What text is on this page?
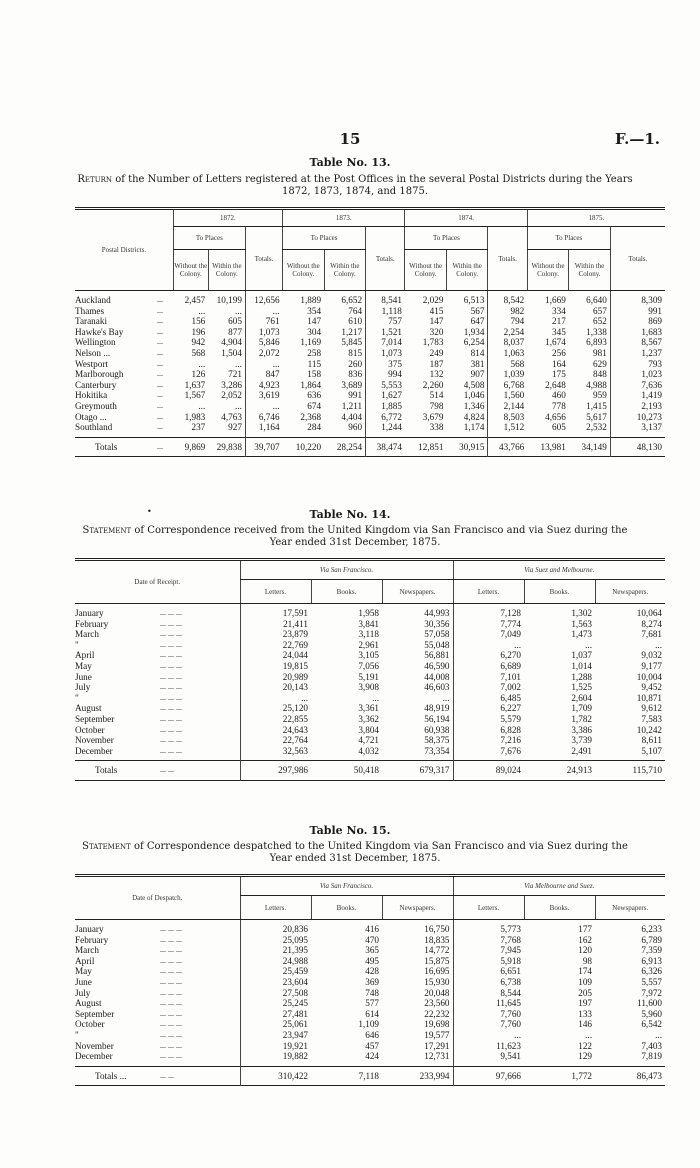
15	F.—1.
Table No. 13.
Return of the Number of Letters registered at the Post Offices in the several Postal Districts during the Years 1872, 1873, 1874, and 1875.
Postal Districts.		1872.			1873.			1874.			1875.		
		To Places		Totals.	To Places		Totals.	To Places		Totals.	To Places		Totals.
		Without the Colony.	Within the Colony.		Without the Colony.	Within the Colony.		Without the Colony.	Within the Colony.		Without the Colony.	Within the Colony.	

Auckland	...	2,457	10,199	12,656	1,889	6,652	8,541	2,029	6,513	8,542	1,669	6,640	8,309
Thames	...	...	...	...	354	764	1,118	415	567	982	334	657	991
Taranaki	...	156	605	761	147	610	757	147	647	794	217	652	869
Hawke's Bay	...	196	877	1,073	304	1,217	1,521	320	1,934	2,254	345	1,338	1,683
Wellington	...	942	4,904	5,846	1,169	5,845	7,014	1,783	6,254	8,037	1,674	6,893	8,567
Nelson ...	...	568	1,504	2,072	258	815	1,073	249	814	1,063	256	981	1,237
Westport	...	...	...	...	115	260	375	187	381	568	164	629	793
Marlborough	...	126	721	847	158	836	994	132	907	1,039	175	848	1,023
Canterbury	...	1,637	3,286	4,923	1,864	3,689	5,553	2,260	4,508	6,768	2,648	4,988	7,636
Hokitika	...	1,567	2,052	3,619	636	991	1,627	514	1,046	1,560	460	959	1,419
Greymouth	...	...	...	...	674	1,211	1,885	798	1,346	2,144	778	1,415	2,193
Otago ...	...	1,983	4,763	6,746	2,368	4,404	6,772	3,679	4,824	8,503	4,656	5,617	10,273
Southland	...	237	927	1,164	284	960	1,244	338	1,174	1,512	605	2,532	3,137

Totals	...	9,869	29,838	39,707	10,220	28,254	38,474	12,851	30,915	43,766	13,981	34,149	48,130
•	Table No. 14.
Statement of Correspondence received from the United Kingdom via San Francisco and via Suez during the Year ended 31st December, 1875.
Date of Receipt.		Via San Francisco.			Via Suez and Melbourne.		
		Letters.	Books.	Newspapers.	Letters.	Books.	Newspapers.

January	... ... ...	17,591	1,958	44,993	7,128	1,302	10,064
February	... ... ...	21,411	3,841	30,356	7,774	1,563	8,274
March	... ... ...	23,879	3,118	57,058	7,049	1,473	7,681
"	... ... ...	22,769	2,961	55,048	...	...	...
April	... ... ...	24,044	3,105	56,881	6,270	1,037	9,032
May	... ... ...	19,815	7,056	46,590	6,689	1,014	9,177
June	... ... ...	20,989	5,191	44,008	7,101	1,288	10,004
July	... ... ...	20,143	3,908	46,603	7,002	1,525	9,452
"	... ... ...	...	...	...	6,485	2,604	10,871
August	... ... ...	25,120	3,361	48,919	6,227	1,709	9,612
September	... ... ...	22,855	3,362	56,194	5,579	1,782	7,583
October	... ... ...	24,643	3,804	60,938	6,828	3,386	10,242
November	... ... ...	22,764	4,721	58,375	7,216	3,739	8,611
December	... ... ...	32,563	4,032	73,354	7,676	2,491	5,107

Totals	... ...	297,986	50,418	679,317	89,024	24,913	115,710
Table No. 15.
Statement of Correspondence despatched to the United Kingdom via San Francisco and via Suez during the Year ended 31st December, 1875.
Date of Despatch.		Via San Francisco.			Via Melbourne and Suez.		
		Letters.	Books.	Newspapers.	Letters.	Books.	Newspapers.

January	... ... ...	20,836	416	16,750	5,773	177	6,233
February	... ... ...	25,095	470	18,835	7,768	162	6,789
March	... ... ...	21,395	365	14,772	7,945	120	7,359
April	... ... ...	24,988	495	15,875	5,918	98	6,913
May	... ... ...	25,459	428	16,695	6,651	174	6,326
June	... ... ...	23,604	369	15,930	6,738	109	5,557
July	... ... ...	27,508	748	20,048	8,544	205	7,972
August	... ... ...	25,245	577	23,560	11,645	197	11,600
September	... ... ...	27,481	614	22,232	7,760	133	5,960
October	... ... ...	25,061	1,109	19,698	7,760	146	6,542
"	... ... ...	23,947	646	19,577	...	...	...
November	... ... ...	19,921	457	17,291	11,623	122	7,403
December	... ... ...	19,882	424	12,731	9,541	129	7,819

Totals ...	... ...	310,422	7,118	233,994	97,666	1,772	86,473
